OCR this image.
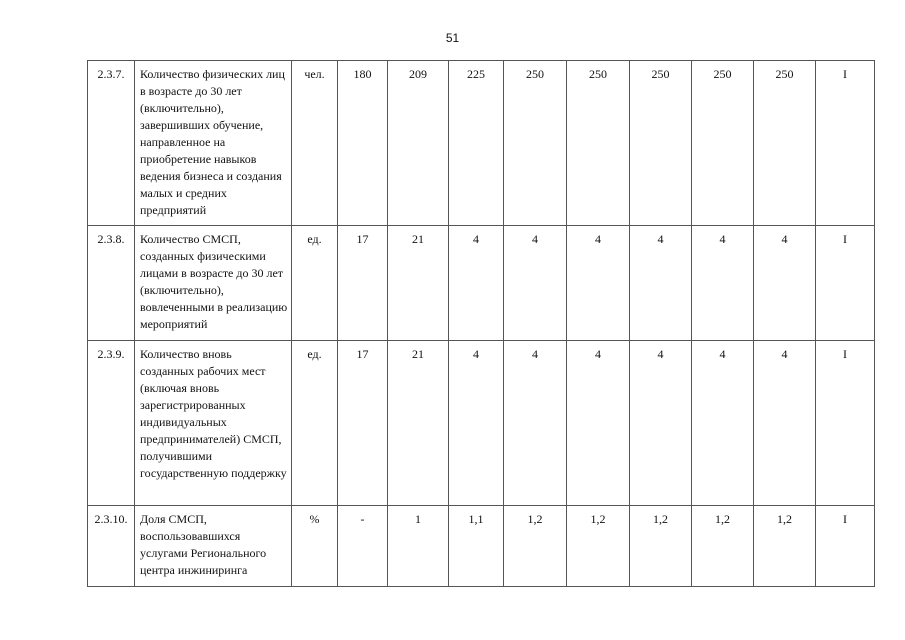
51
2.3.7.	Количество физических лиц в возрасте до 30 лет (включительно), завершивших обучение, направленное на приобретение навыков ведения бизнеса и создания малых и средних предприятий	чел.	180	209	225	250	250	250	250	250	I
2.3.8.	Количество СМСП, созданных физическими лицами в возрасте до 30 лет (включительно), вовлеченными в реализацию мероприятий	ед.	17	21	4	4	4	4	4	4	I
2.3.9.	Количество вновь созданных рабочих мест (включая вновь зарегистрированных индивидуальных предпринимателей) СМСП, получившими государственную поддержку	ед.	17	21	4	4	4	4	4	4	I
2.3.10.	Доля СМСП, воспользовавшихся услугами Регионального центра инжиниринга	%	-	1	1,1	1,2	1,2	1,2	1,2	1,2	I
